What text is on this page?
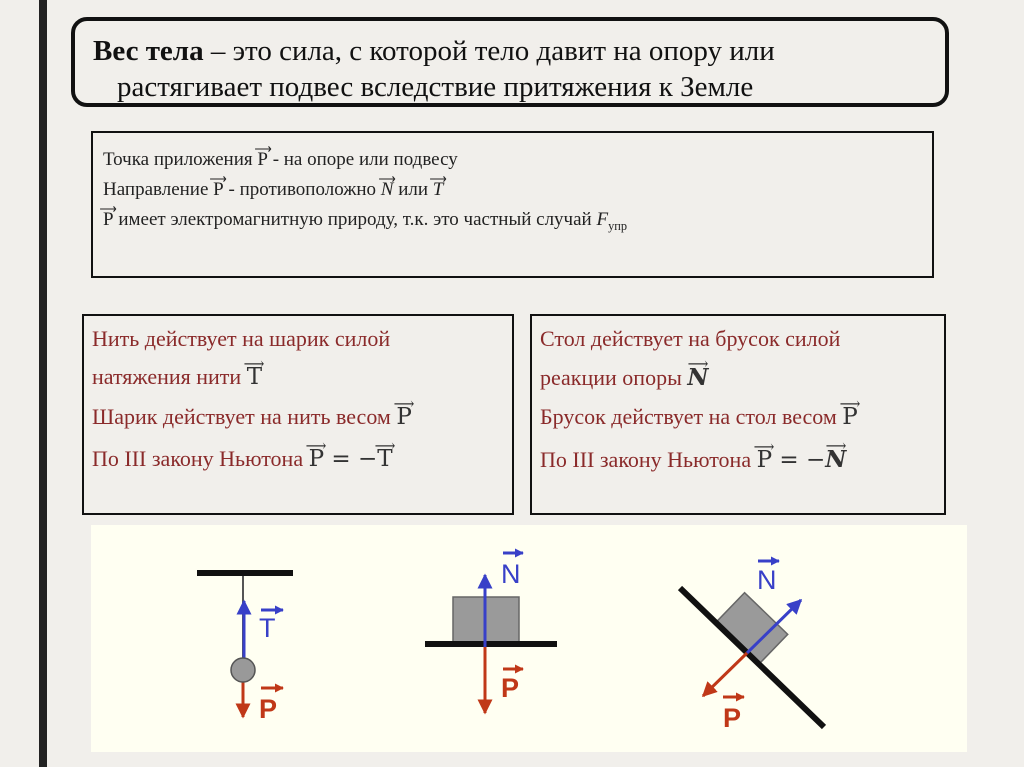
Вес тела – это сила, с которой тело давит на опору или
растягивает подвес вследствие притяжения к Земле
Точка приложения ⟶ P - на опоре или подвесу
Направление ⟶ P - противоположно ⟶ N или ⟶ T
⟶ P имеет электромагнитную природу, т.к. это частный случай $F_{упр}$
Нить действует на шарик силой
натяжения нити ⟶ T
Шарик действует на нить весом ⟶ P
По III закону Ньютона ⟶ P = −⟶ T
Стол действует на брусок силой
реакции опоры ⟶ N
Брусок действует на стол весом ⟶ P
По III закону Ньютона ⟶ P = −⟶ N
T
P
N
P
N
P
